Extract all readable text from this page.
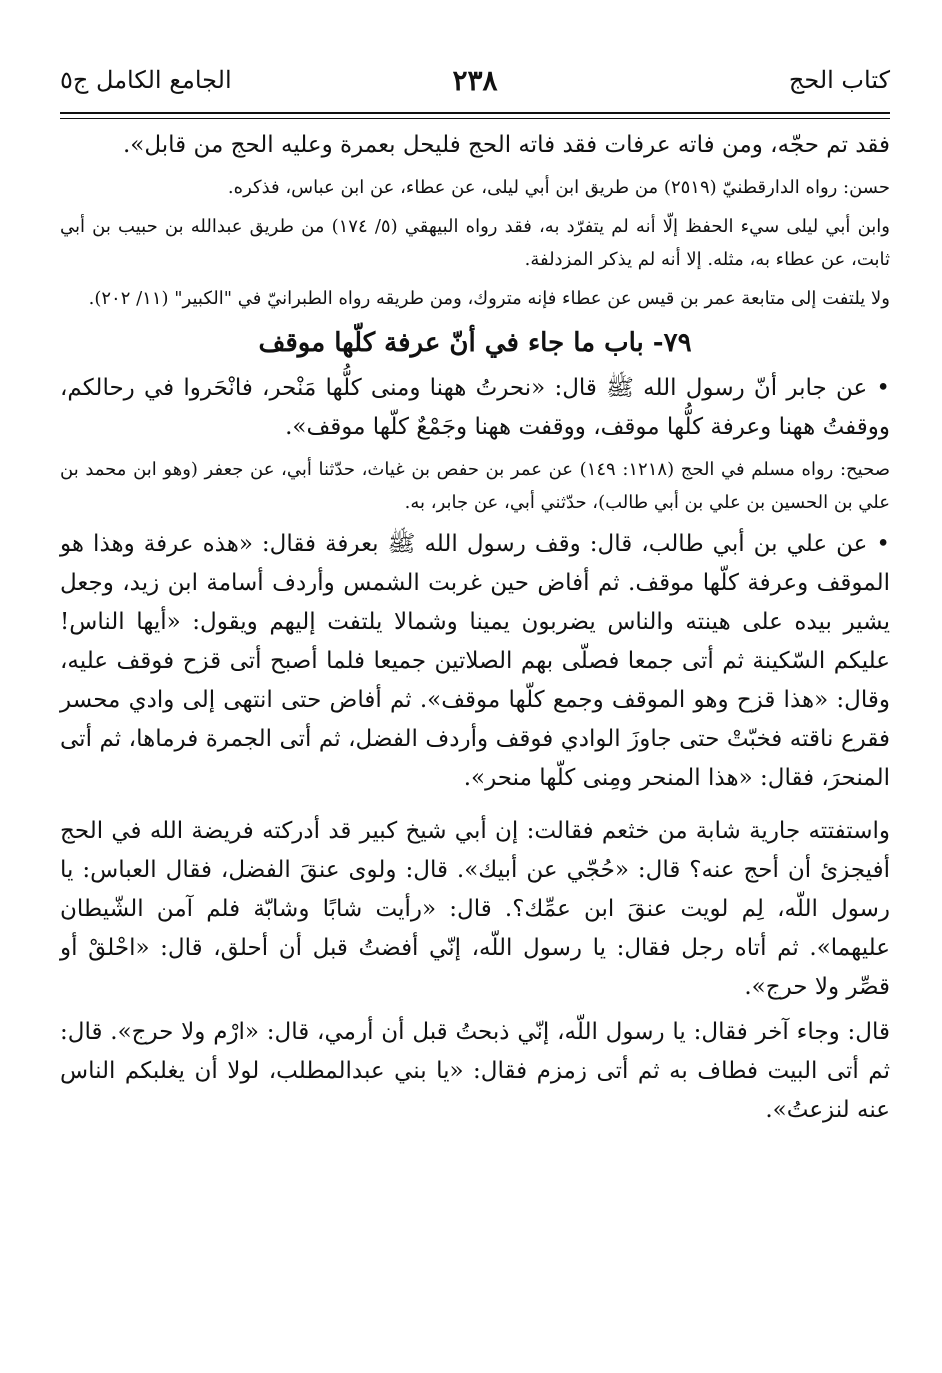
كتاب الحج
٢٣٨
الجامع الكامل ج٥

فقد تم حجّه، ومن فاته عرفات فقد فاته الحج فليحل بعمرة وعليه الحج من قابل».

حسن: رواه الدارقطنيّ (٢٥١٩) من طريق ابن أبي ليلى، عن عطاء، عن ابن عباس، فذكره.

وابن أبي ليلى سيء الحفظ إلّا أنه لم يتفرّد به، فقد رواه البيهقي (٥/ ١٧٤) من طريق عبدالله بن حبيب بن أبي ثابت، عن عطاء به، مثله. إلا أنه لم يذكر المزدلفة.

ولا يلتفت إلى متابعة عمر بن قيس عن عطاء فإنه متروك، ومن طريقه رواه الطبرانيّ في "الكبير" (١١/ ٢٠٢).

٧٩- باب ما جاء في أنّ عرفة كلّها موقف

• عن جابر أنّ رسول الله ﷺ قال: «نحرتُ ههنا ومنى كلُّها مَنْحر، فانْحَروا في رحالكم، ووقفتُ ههنا وعرفة كلُّها موقف، ووقفت ههنا وجَمْعٌ كلّها موقف».

صحيح: رواه مسلم في الحج (١٢١٨: ١٤٩) عن عمر بن حفص بن غياث، حدّثنا أبي، عن جعفر (وهو ابن محمد بن علي بن الحسين بن علي بن أبي طالب)، حدّثني أبي، عن جابر، به.

• عن علي بن أبي طالب، قال: وقف رسول الله ﷺ بعرفة فقال: «هذه عرفة وهذا هو الموقف وعرفة كلّها موقف. ثم أفاض حين غربت الشمس وأردف أسامة ابن زيد، وجعل يشير بيده على هينته والناس يضربون يمينا وشمالا يلتفت إليهم ويقول: «أيها الناس! عليكم السّكينة ثم أتى جمعا فصلّى بهم الصلاتين جميعا فلما أصبح أتى قزح فوقف عليه، وقال: «هذا قزح وهو الموقف وجمع كلّها موقف». ثم أفاض حتى انتهى إلى وادي محسر فقرع ناقته فخبّتْ حتى جاوزَ الوادي فوقف وأردف الفضل، ثم أتى الجمرة فرماها، ثم أتى المنحرَ، فقال: «هذا المنحر ومِنى كلّها منحر».

واستفتته جارية شابة من خثعم فقالت: إن أبي شيخ كبير قد أدركته فريضة الله في الحج أفيجزئ أن أحج عنه؟ قال: «حُجّي عن أبيك». قال: ولوى عنقَ الفضل، فقال العباس: يا رسول اللّه، لِم لويت عنقَ ابن عمِّك؟. قال: «رأيت شابًا وشابّة فلم آمن الشّيطان عليهما». ثم أتاه رجل فقال: يا رسول اللّه، إنّي أفضتُ قبل أن أحلق، قال: «احْلقْ أو قصِّر ولا حرج».

قال: وجاء آخر فقال: يا رسول اللّه، إنّي ذبحتُ قبل أن أرمي، قال: «ارْم ولا حرج». قال: ثم أتى البيت فطاف به ثم أتى زمزم فقال: «يا بني عبدالمطلب، لولا أن يغلبكم الناس عنه لنزعتُ».
